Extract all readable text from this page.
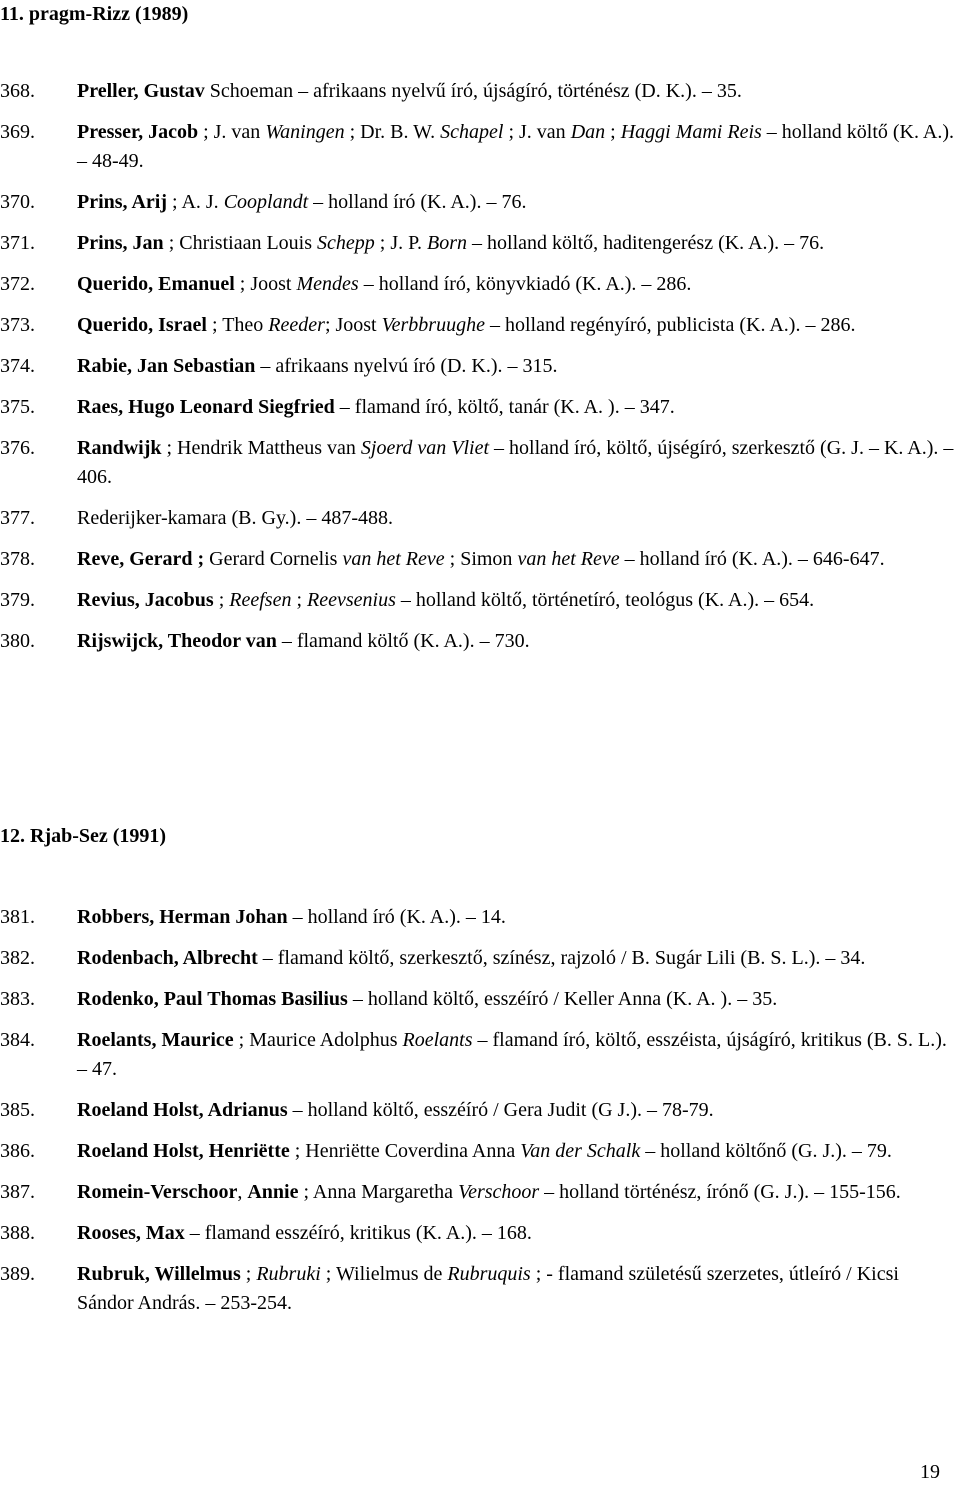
11. pragm-Rizz (1989)
368. Preller, Gustav Schoeman – afrikaans nyelvű író, újságíró, történész (D. K.). – 35.
369. Presser, Jacob ; J. van Waningen ; Dr. B. W. Schapel ; J. van Dan ; Haggi Mami Reis – holland költő (K. A.). – 48-49.
370. Prins, Arij ; A. J. Cooplandt – holland író (K. A.). – 76.
371. Prins, Jan ; Christiaan Louis Schepp ; J. P. Born – holland költő, haditengerész (K. A.). – 76.
372. Querido, Emanuel ; Joost Mendes – holland író, könyvkiadó (K. A.). – 286.
373. Querido, Israel ; Theo Reeder; Joost Verbbruughe – holland regényíró, publicista (K. A.). – 286.
374. Rabie, Jan Sebastian – afrikaans nyelvú író (D. K.). – 315.
375. Raes, Hugo Leonard Siegfried – flamand író, költő, tanár (K. A. ). – 347.
376. Randwijk ; Hendrik Mattheus van Sjoerd van Vliet – holland író, költő, újségíró, szerkesztő (G. J. – K. A.). – 406.
377. Rederijker-kamara (B. Gy.). – 487-488.
378. Reve, Gerard ; Gerard Cornelis van het Reve ; Simon van het Reve – holland író (K. A.). – 646-647.
379. Revius, Jacobus ; Reefsen ; Reevsenius – holland költő, történetíró, teológus (K. A.). – 654.
380. Rijswijck, Theodor van – flamand költő (K. A.). – 730.
12. Rjab-Sez (1991)
381. Robbers, Herman Johan – holland író (K. A.). – 14.
382. Rodenbach, Albrecht – flamand költő, szerkesztő, színész, rajzoló / B. Sugár Lili (B. S. L.). – 34.
383. Rodenko, Paul Thomas Basilius – holland költő, esszéíró / Keller Anna (K. A. ). – 35.
384. Roelants, Maurice ; Maurice Adolphus Roelants – flamand író, költő, esszéista, újságíró, kritikus (B. S. L.). – 47.
385. Roeland Holst, Adrianus – holland költő, esszéíró / Gera Judit (G J.). – 78-79.
386. Roeland Holst, Henriëtte ; Henriëtte Coverdina Anna Van der Schalk – holland költőnő (G. J.). – 79.
387. Romein-Verschoor, Annie ; Anna Margaretha Verschoor – holland történész, írónő (G. J.). – 155-156.
388. Rooses, Max – flamand esszéíró, kritikus (K. A.). – 168.
389. Rubruk, Willelmus ; Rubruki ; Wilielmus de Rubruquis ; - flamand születésű szerzetes, útleíró / Kicsi Sándor András. – 253-254.
19
